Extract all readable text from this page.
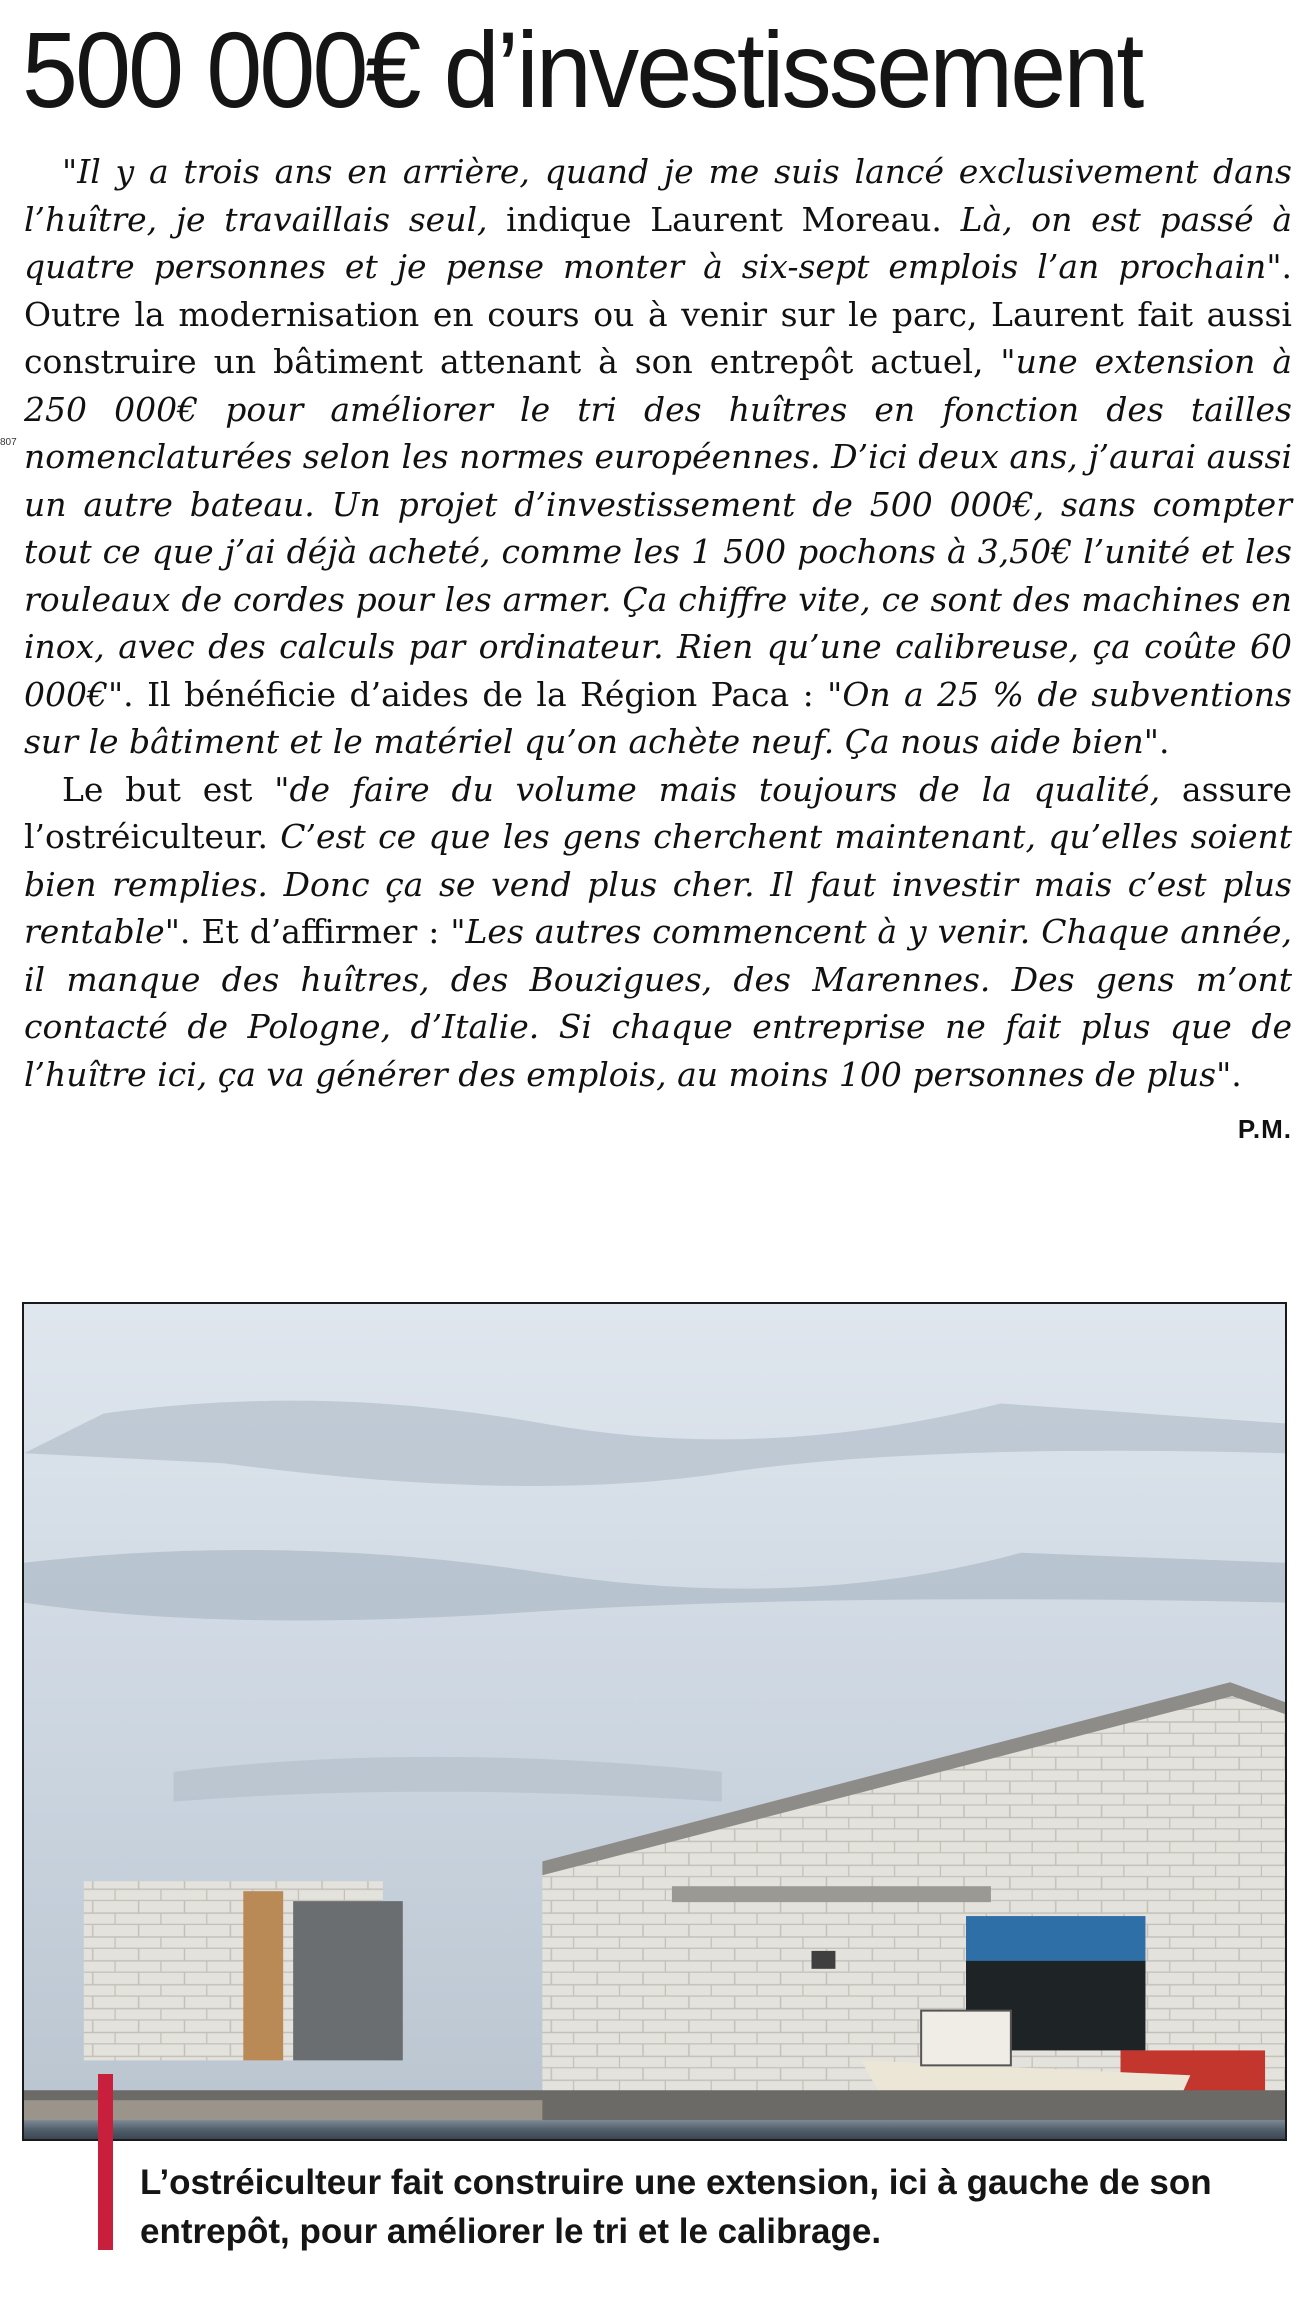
500 000€ d’investissement
807

"Il y a trois ans en arrière, quand je me suis lancé exclusivement dans l’huître, je travaillais seul, indique Laurent Moreau. Là, on est passé à quatre personnes et je pense monter à six-sept emplois l’an prochain". Outre la modernisation en cours ou à venir sur le parc, Laurent fait aussi construire un bâtiment attenant à son entrepôt actuel, "une extension à 250 000€ pour améliorer le tri des huîtres en fonction des tailles nomenclaturées selon les normes européennes. D’ici deux ans, j’aurai aussi un autre bateau. Un projet d’investissement de 500 000€, sans compter tout ce que j’ai déjà acheté, comme les 1 500 pochons à 3,50€ l’unité et les rouleaux de cordes pour les armer. Ça chiffre vite, ce sont des machines en inox, avec des calculs par ordinateur. Rien qu’une calibreuse, ça coûte 60 000€". Il bénéficie d’aides de la Région Paca : "On a 25 % de subventions sur le bâtiment et le matériel qu’on achète neuf. Ça nous aide bien".

Le but est "de faire du volume mais toujours de la qualité, assure l’ostréiculteur. C’est ce que les gens cherchent maintenant, qu’elles soient bien remplies. Donc ça se vend plus cher. Il faut investir mais c’est plus rentable". Et d’affirmer : "Les autres commencent à y venir. Chaque année, il manque des huîtres, des Bouzigues, des Marennes. Des gens m’ont contacté de Pologne, d’Italie. Si chaque entreprise ne fait plus que de l’huître ici, ça va générer des emplois, au moins 100 personnes de plus".
P.M.

L’ostréiculteur fait construire une extension, ici à gauche de son entrepôt, pour améliorer le tri et le calibrage.
